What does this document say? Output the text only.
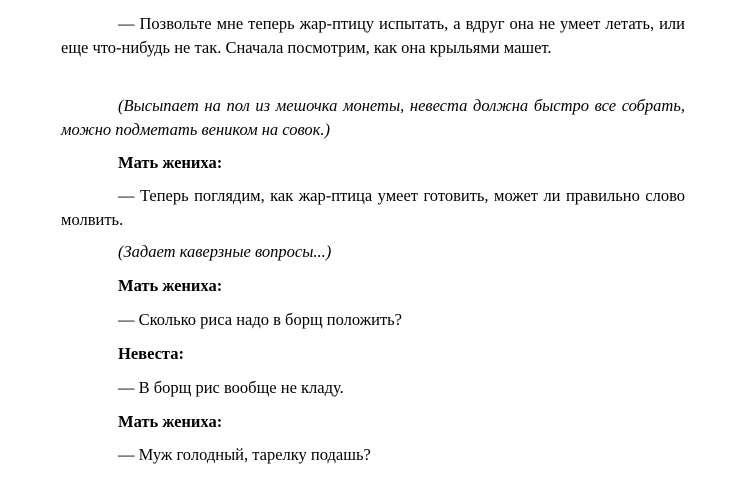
— Позвольте мне теперь жар-птицу испытать, а вдруг она не умеет летать, или еще что-нибудь не так. Сначала посмотрим, как она крыльями машет.

(Высыпает на пол из мешочка монеты, невеста должна быстро все собрать, можно подметать веником на совок.)

Мать жениха:

— Теперь поглядим, как жар-птица умеет готовить, может ли правильно слово молвить.

(Задает каверзные вопросы...)

Мать жениха:

— Сколько риса надо в борщ положить?

Невеста:

— В борщ рис вообще не кладу.

Мать жениха:

— Муж голодный, тарелку подашь?
